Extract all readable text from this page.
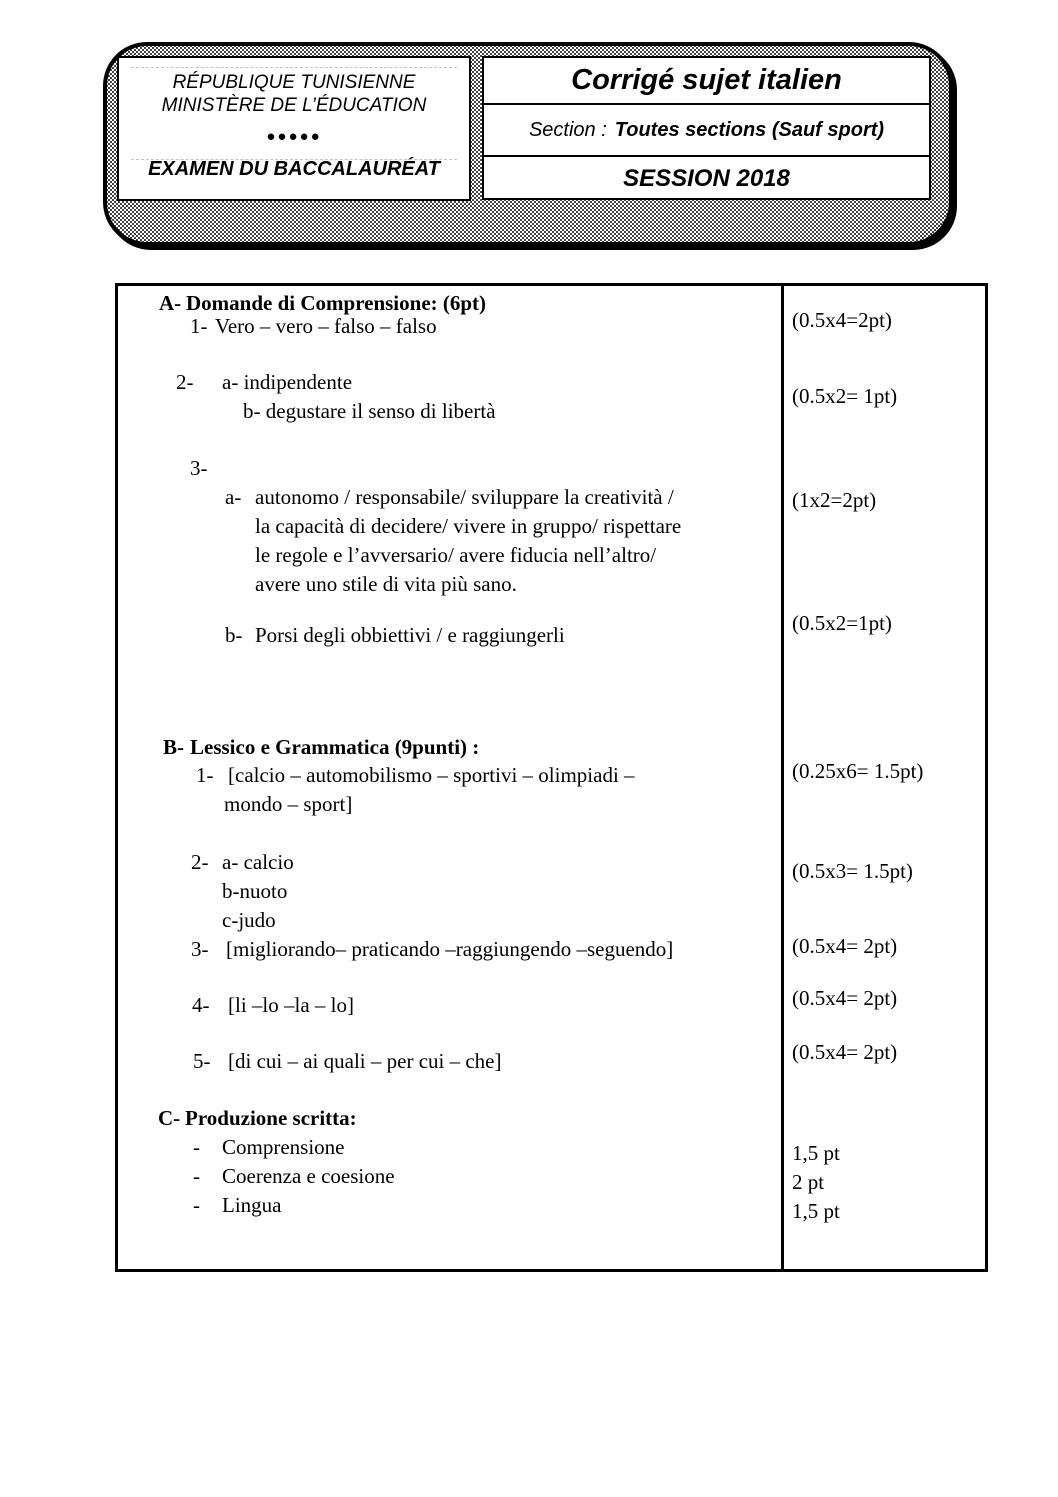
RÉPUBLIQUE TUNISIENNE
MINISTÈRE DE L’ÉDUCATION
●●●●●
EXAMEN DU BACCALAURÉAT
Corrigé sujet italien
Section : Toutes sections (Sauf sport)
SESSION 2018
A- Domande di Comprensione: (6pt)
1- Vero – vero – falso – falso
2- a- indipendente
b- degustare il senso di libertà
3-
a- autonomo / responsabile/ sviluppare la creatività /
la capacità di decidere/ vivere in gruppo/ rispettare
le regole e l’avversario/ avere fiducia nell’altro/
avere uno stile di vita più sano.
b- Porsi degli obbiettivi / e raggiungerli
B- Lessico e Grammatica (9punti) :
1- [calcio – automobilismo – sportivi – olimpiadi –
mondo – sport]
2- a- calcio
b-nuoto
c-judo
3- [migliorando– praticando –raggiungendo –seguendo]
4- [li –lo –la – lo]
5- [di cui – ai quali – per cui – che]
C- Produzione scritta:
- Comprensione
- Coerenza e coesione
- Lingua
(0.5x4=2pt)
(0.5x2= 1pt)
(1x2=2pt)
(0.5x2=1pt)
(0.25x6= 1.5pt)
(0.5x3= 1.5pt)
(0.5x4= 2pt)
(0.5x4= 2pt)
(0.5x4= 2pt)
1,5 pt
2 pt
1,5 pt
